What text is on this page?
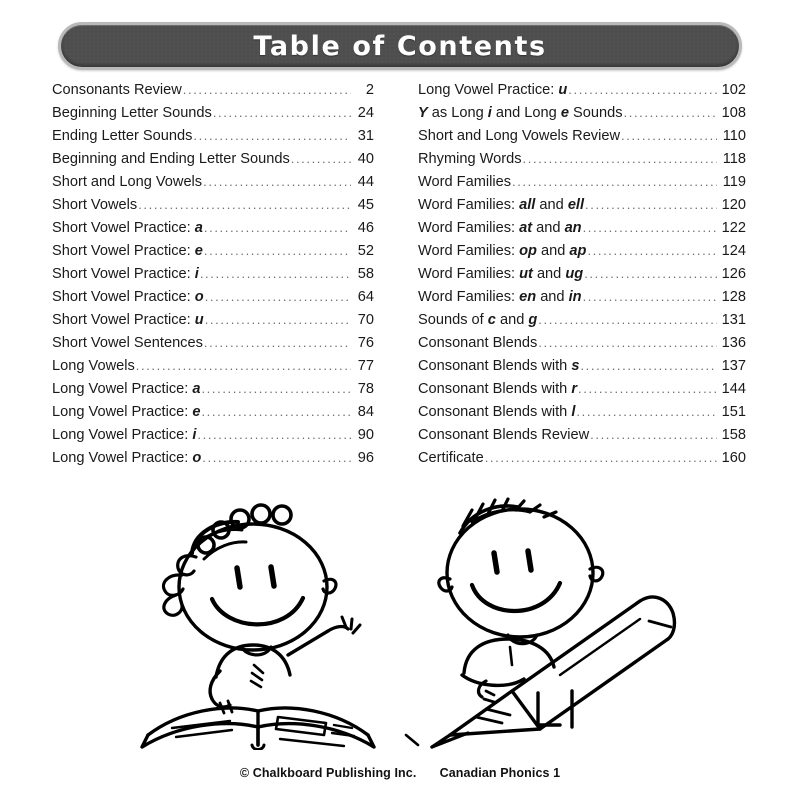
Table of Contents
Consonants Review .....	2
Beginning Letter Sounds .....	24
Ending Letter Sounds .....	31
Beginning and Ending Letter Sounds .....	40
Short and Long Vowels .....	44
Short Vowels .....	45
Short Vowel Practice: a .....	46
Short Vowel Practice: e .....	52
Short Vowel Practice: i .....	58
Short Vowel Practice: o .....	64
Short Vowel Practice: u .....	70
Short Vowel Sentences .....	76
Long Vowels .....	77
Long Vowel Practice: a .....	78
Long Vowel Practice: e .....	84
Long Vowel Practice: i .....	90
Long Vowel Practice: o .....	96
Long Vowel Practice: u .....	102
Y as Long i and Long e Sounds .....	108
Short and Long Vowels Review .....	110
Rhyming Words .....	118
Word Families .....	119
Word Families: all and ell .....	120
Word Families: at and an .....	122
Word Families: op and ap .....	124
Word Families: ut and ug .....	126
Word Families: en and in .....	128
Sounds of c and g .....	131
Consonant Blends .....	136
Consonant Blends with s .....	137
Consonant Blends with r .....	144
Consonant Blends with l .....	151
Consonant Blends Review .....	158
Certificate .....	160
© Chalkboard Publishing Inc. Canadian Phonics 1
